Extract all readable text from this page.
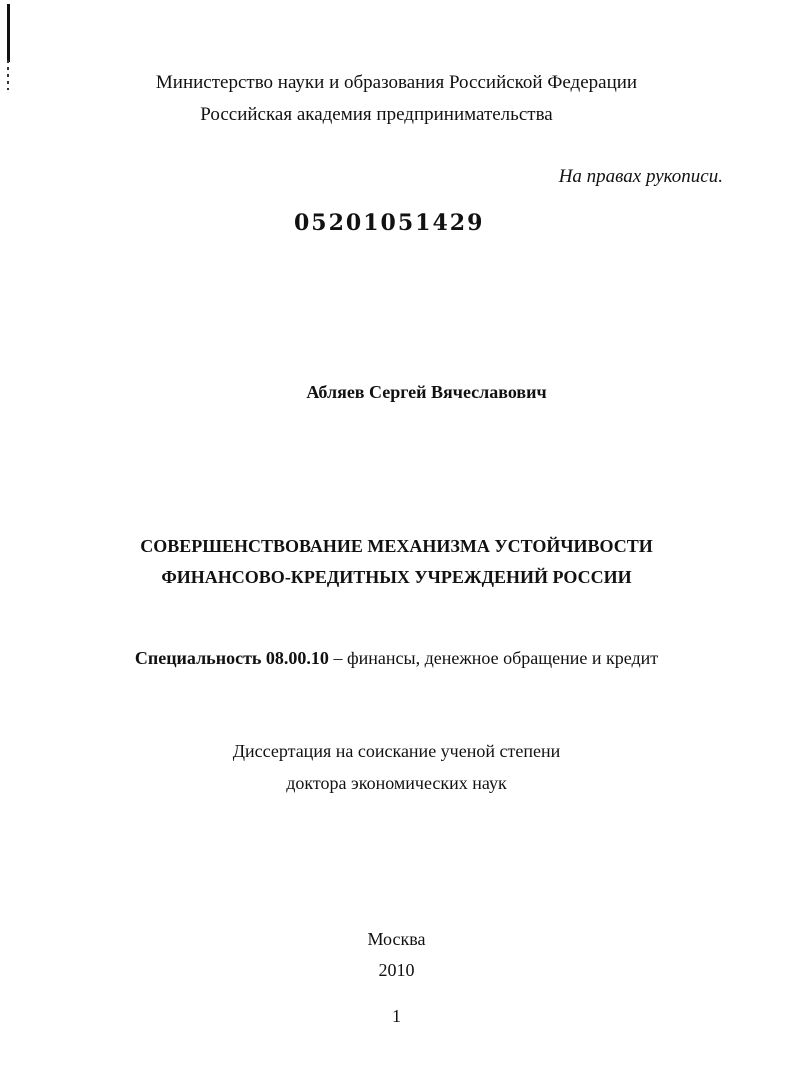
Министерство науки и образования Российской Федерации
Российская академия предпринимательства
На правах рукописи.
05201051429
Абляев Сергей Вячеславович
СОВЕРШЕНСТВОВАНИЕ МЕХАНИЗМА УСТОЙЧИВОСТИ
ФИНАНСОВО-КРЕДИТНЫХ УЧРЕЖДЕНИЙ РОССИИ
Специальность 08.00.10 – финансы, денежное обращение и кредит
Диссертация на соискание ученой степени
доктора экономических наук
Москва
2010
1
